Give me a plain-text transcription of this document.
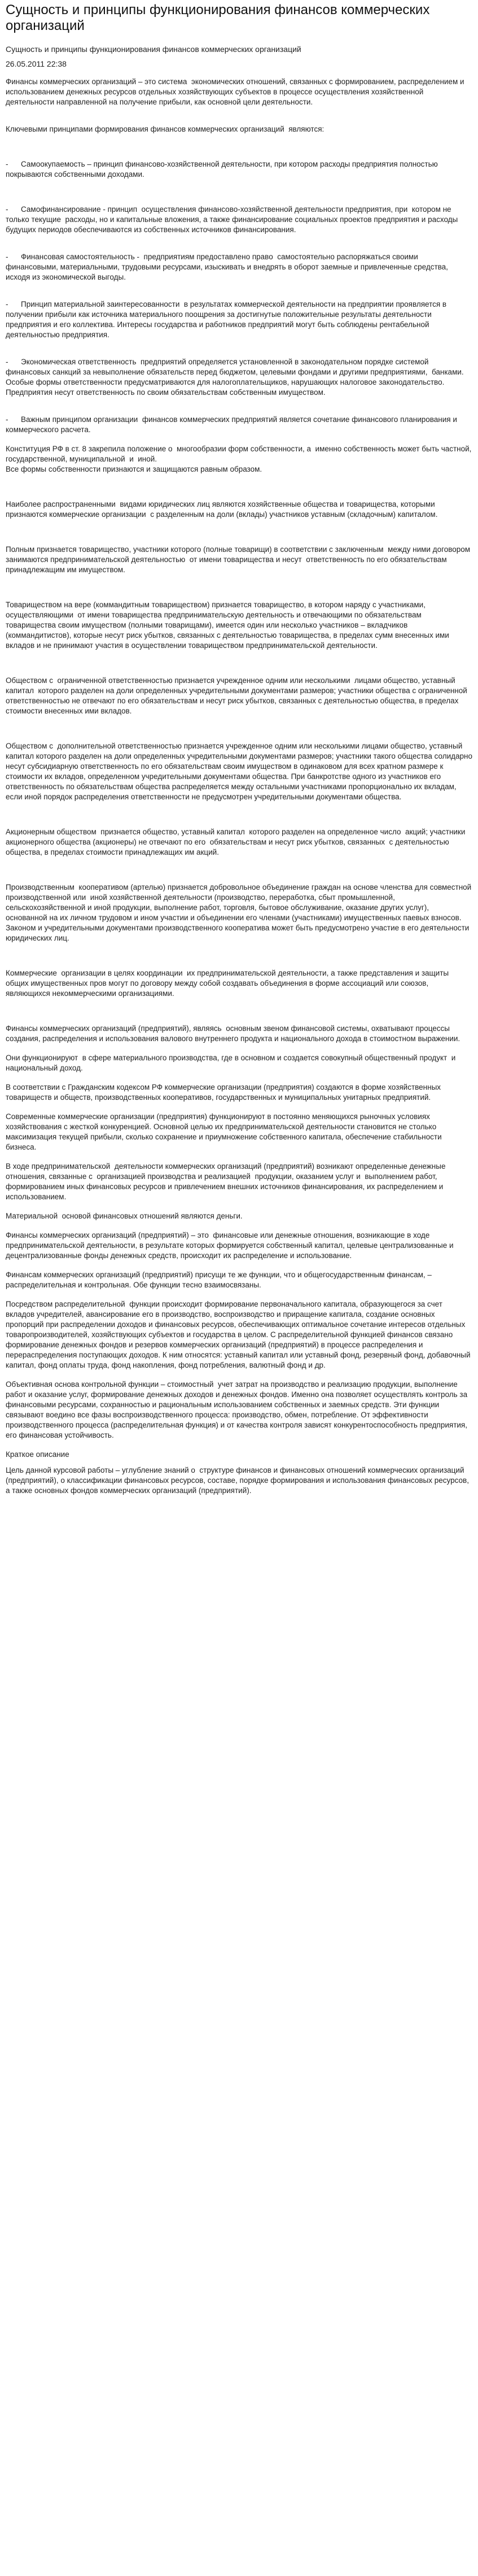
Сущность и принципы функционирования финансов коммерческих организаций
Сущность и принципы функционирования финансов коммерческих организаций
26.05.2011 22:38
Финансы коммерческих организаций – это система  экономических отношений, связанных с формированием, распределением и  использованием денежных ресурсов отдельных хозяйствующих субъектов в процессе осуществления хозяйственной деятельности направленной на получение прибыли, как основной цели деятельности.
Ключевыми принципами формирования финансов коммерческих организаций  являются:
-      Самоокупаемость – принцип финансово-хозяйственной деятельности, при котором расходы предприятия полностью покрываются собственными доходами.
-      Самофинансирование - принцип  осуществления финансово-хозяйственной деятельности предприятия, при  котором не только текущие  расходы, но и капитальные вложения, а также финансирование социальных проектов предприятия и расходы будущих периодов обеспечиваются из собственных источников финансирования.
-      Финансовая самостоятельность -  предприятиям предоставлено право  самостоятельно распоряжаться своими финансовыми, материальными, трудовыми ресурсами, изыскивать и внедрять в оборот заемные и привлеченные средства, исходя из экономической выгоды.
-      Принцип материальной заинтересованности  в результатах коммерческой деятельности на предприятии проявляется в получении прибыли как источника материального поощрения за достигнутые положительные результаты деятельности предприятия и его коллектива. Интересы государства и работников предприятий могут быть соблюдены рентабельной деятельностью предприятия.
-      Экономическая ответственность  предприятий определяется установленной в законодательном порядке системой  финансовых санкций за невыполнение обязательств перед бюджетом, целевыми фондами и другими предприятиями,  банками. Особые формы ответственности предусматриваются для налогоплательщиков, нарушающих налоговое законодательство. Предприятия несут ответственность по своим обязательствам собственным имуществом.
-      Важным принципом организации  финансов коммерческих предприятий является сочетание финансового планирования и коммерческого расчета.
Конституция РФ в ст. 8 закрепила положение о  многообразии форм собственности, а  именно собственность может быть частной, государственной, муниципальной  и  иной.
Все формы собственности признаются и защищаются равным образом.
Наиболее распространенными  видами юридических лиц являются хозяйственные общества и товарищества, которыми признаются коммерческие организации  с разделенным на доли (вклады) участников уставным (складочным) капиталом.
Полным признается товарищество, участники которого (полные товарищи) в соответствии с заключенным  между ними договором занимаются предпринимательской деятельностью  от имени товарищества и несут  ответственность по его обязательствам принадлежащим им имуществом.
Товариществом на вере (коммандитным товариществом) признается товарищество, в котором наряду с участниками, осуществляющими  от имени товарищества предпринимательскую деятельность и отвечающими по обязательствам товарищества своим имуществом (полными товарищами), имеется один или несколько участников – вкладчиков (коммандитистов), которые несут риск убытков, связанных с деятельностью товарищества, в пределах сумм внесенных ими вкладов и не принимают участия в осуществлении товариществом предпринимательской деятельности.
Обществом с  ограниченной ответственностью признается учрежденное одним или несколькими  лицами общество, уставный капитал  которого разделен на доли определенных учредительными документами размеров; участники общества с ограниченной ответственностью не отвечают по его обязательствам и несут риск убытков, связанных с деятельностью общества, в пределах стоимости внесенных ими вкладов.
Обществом с  дополнительной ответственностью признается учрежденное одним или несколькими лицами общество, уставный капитал которого разделен на доли определенных учредительными документами размеров; участники такого общества солидарно несут субсидиарную ответственность по его обязательствам своим имуществом в одинаковом для всех кратном размере к стоимости их вкладов, определенном учредительными документами общества. При банкротстве одного из участников его ответственность по обязательствам общества распределяется между остальными участниками пропорционально их вкладам, если иной порядок распределения ответственности не предусмотрен учредительными документами общества.
Акционерным обществом  признается общество, уставный капитал  которого разделен на определенное число  акций; участники акционерного общества (акционеры) не отвечают по его  обязательствам и несут риск убытков, связанных  с деятельностью общества, в пределах стоимости принадлежащих им акций.
Производственным  кооперативом (артелью) признается добровольное объединение граждан на основе членства для совместной производственной или  иной хозяйственной деятельности (производство, переработка, сбыт промышленной, сельскохозяйственной и иной продукции, выполнение работ, торговля, бытовое обслуживание, оказание других услуг), основанной на их личном трудовом и ином участии и объединении его членами (участниками) имущественных паевых взносов. Законом и учредительными документами производственного кооператива может быть предусмотрено участие в его деятельности юридических лиц.
Коммерческие  организации в целях координации  их предпринимательской деятельности, а также представления и защиты общих имущественных пров могут по договору между собой создавать объединения в форме ассоциаций или союзов, являющихся некоммерческими организациями.
Финансы коммерческих организаций (предприятий), являясь  основным звеном финансовой системы, охватывают процессы создания, распределения и использования валового внутреннего продукта и национального дохода в стоимостном выражении.
Они функционируют  в сфере материального производства, где в основном и создается совокупный общественный продукт  и  национальный доход.
В соответствии с Гражданским кодексом РФ коммерческие организации (предприятия) создаются в форме хозяйственных товариществ и обществ, производственных кооперативов, государственных и муниципальных унитарных предприятий.
Современные коммерческие организации (предприятия) функционируют в постоянно меняющихся рыночных условиях хозяйствования с жесткой конкуренцией. Основной целью их предпринимательской деятельности становится не столько максимизация текущей прибыли, сколько сохранение и приумножение собственного капитала, обеспечение стабильности бизнеса.
В ходе предпринимательской  деятельности коммерческих организаций (предприятий) возникают определенные денежные отношения, связанные с  организацией производства и реализацией  продукции, оказанием услуг и  выполнением работ, формированием иных финансовых ресурсов и привлечением внешних источников финансирования, их распределением и использованием.
Материальной  основой финансовых отношений являются деньги.
Финансы коммерческих организаций (предприятий) – это  финансовые или денежные отношения, возникающие в ходе предпринимательской деятельности, в результате которых формируется собственный капитал, целевые централизованные и децентрализованные фонды денежных средств, происходит их распределение и использование.
Финансам коммерческих организаций (предприятий) присущи те же функции, что и общегосударственным финансам, – распределительная и контрольная. Обе функции тесно взаимосвязаны.
Посредством распределительной  функции происходит формирование первоначального капитала, образующегося за счет вкладов учредителей, авансирование его в производство, воспроизводство и приращение капитала, создание основных пропорций при распределении доходов и финансовых ресурсов, обеспечивающих оптимальное сочетание интересов отдельных товаропроизводителей, хозяйствующих субъектов и государства в целом. С распределительной функцией финансов связано формирование денежных фондов и резервов коммерческих организаций (предприятий) в процессе распределения и перераспределения поступающих доходов. К ним относятся: уставный капитал или уставный фонд, резервный фонд, добавочный капитал, фонд оплаты труда, фонд накопления, фонд потребления, валютный фонд и др.
Объективная основа контрольной функции – стоимостный  учет затрат на производство и реализацию продукции, выполнение работ и оказание услуг, формирование денежных доходов и денежных фондов. Именно она позволяет осуществлять контроль за финансовыми ресурсами, сохранностью и рациональным использованием собственных и заемных средств. Эти функции связывают воедино все фазы воспроизводственного процесса: производство, обмен, потребление. От эффективности производственного процесса (распределительная функция) и от качества контроля зависят конкурентоспособность предприятия, его финансовая устойчивость.
Краткое описание
Цель данной курсовой работы – углубление знаний о  структуре финансов и финансовых отношений коммерческих организаций (предприятий), о классификации финансовых ресурсов, составе, порядке формирования и использования финансовых ресурсов, а также основных фондов коммерческих организаций (предприятий).
